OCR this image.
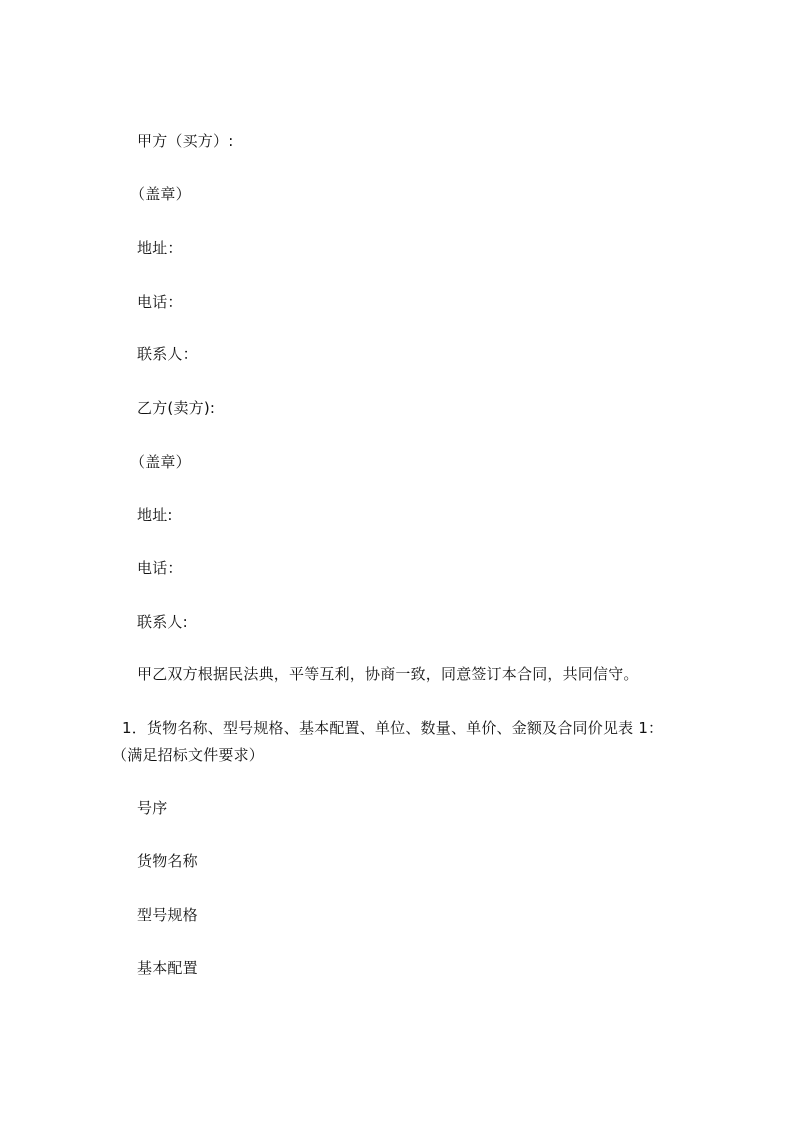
甲方（买方）:
（盖章）
地址：
电话：
联系人：
乙方(卖方):
（盖章）
地址:
电话：
联系人:
甲乙双方根据民法典，平等互利，协商一致，同意签订本合同，共同信守。
1．货物名称、型号规格、基本配置、单位、数量、单价、金额及合同价见表 1：
（满足招标文件要求）
号序
货物名称
型号规格
基本配置
